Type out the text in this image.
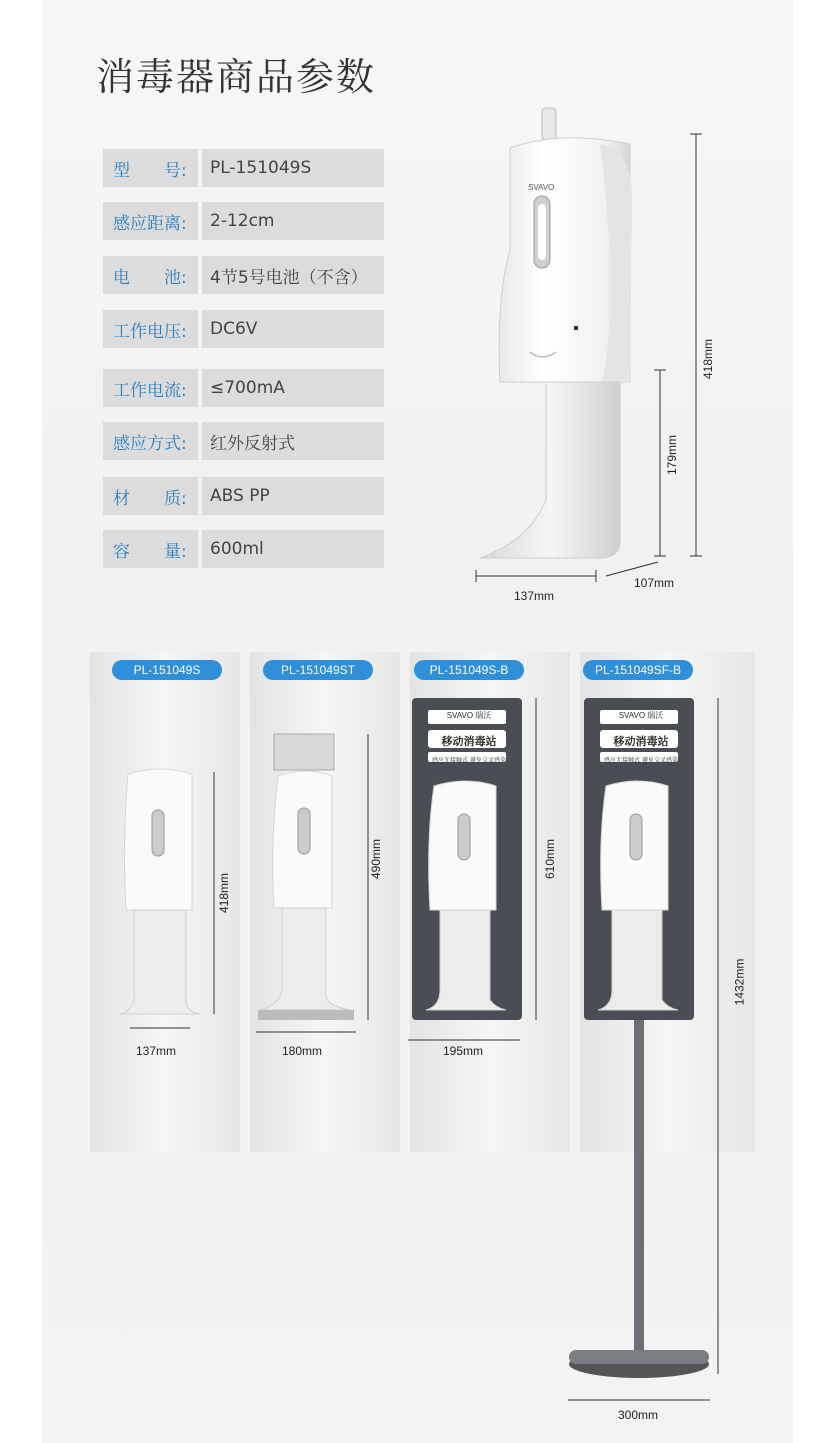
消毒器商品参数
型　　号:	PL-151049S
感应距离:	2-12cm
电　　池:	4节5号电池（不含）
工作电压:	DC6V
工作电流:	≤700mA
感应方式:	红外反射式
材　　质:	ABS PP
容　　量:	600ml
SVAVO
418mm
179mm
137mm
107mm
PL-151049S	PL-151049ST	PL-151049S-B	PL-151049SF-B
SVAVO 瑞沃
移动消毒站
感应无接触式 避免交叉感染
SVAVO 瑞沃
移动消毒站
感应无接触式 避免交叉感染
418mm
137mm
490mm
180mm
610mm
195mm
1432mm
300mm
